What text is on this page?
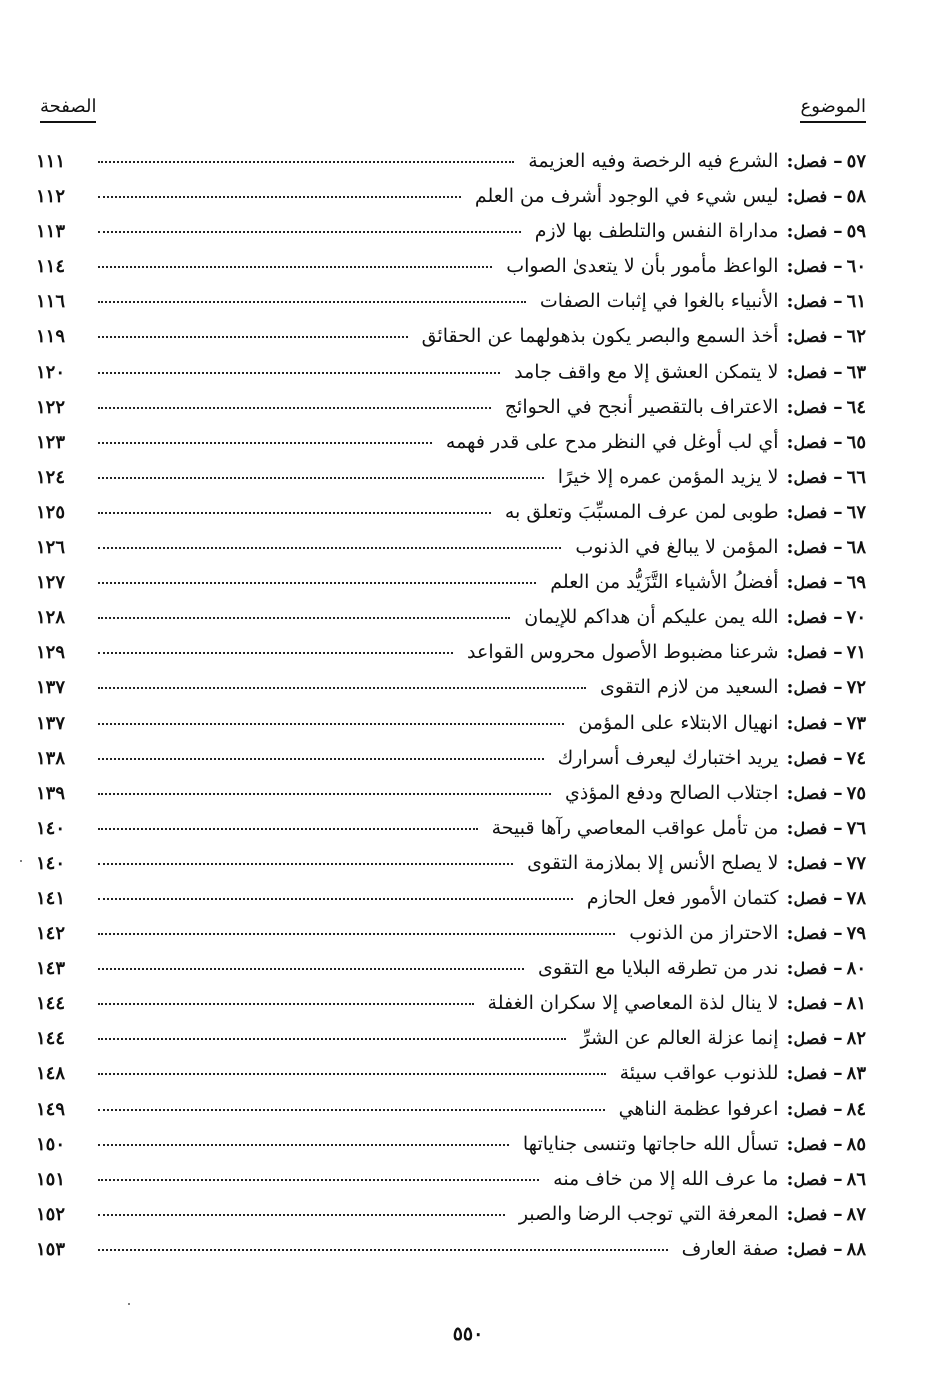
الموضوع
الصفحة
٥٧
–
فصل
:
الشرع فيه الرخصة وفيه العزيمة
١١١
٥٨
–
فصل
:
ليس شيء في الوجود أشرف من العلم
١١٢
٥٩
–
فصل
:
مداراة النفس والتلطف بها لازم
١١٣
٦٠
–
فصل
:
الواعظ مأمور بأن لا يتعدىٰ الصواب
١١٤
٦١
–
فصل
:
الأنبياء بالغوا في إثبات الصفات
١١٦
٦٢
–
فصل
:
أخذ السمع والبصر يكون بذهولهما عن الحقائق
١١٩
٦٣
–
فصل
:
لا يتمكن العشق إلا مع واقف جامد
١٢٠
٦٤
–
فصل
:
الاعتراف بالتقصير أنجح في الحوائج
١٢٢
٦٥
–
فصل
:
أي لب أوغل في النظر مدح على قدر فهمه
١٢٣
٦٦
–
فصل
:
لا يزيد المؤمن عمره إلا خيرًا
١٢٤
٦٧
–
فصل
:
طوبى لمن عرف المسبِّبَ وتعلق به
١٢٥
٦٨
–
فصل
:
المؤمن لا يبالغ في الذنوب
١٢٦
٦٩
–
فصل
:
أفضلُ الأشياء التَّزَيُّد من العلم
١٢٧
٧٠
–
فصل
:
الله يمن عليكم أن هداكم للإيمان
١٢٨
٧١
–
فصل
:
شرعنا مضبوط الأصول محروس القواعد
١٢٩
٧٢
–
فصل
:
السعيد من لازم التقوى
١٣٧
٧٣
–
فصل
:
انهيال الابتلاء على المؤمن
١٣٧
٧٤
–
فصل
:
يريد اختبارك ليعرف أسرارك
١٣٨
٧٥
–
فصل
:
اجتلاب الصالح ودفع المؤذي
١٣٩
٧٦
–
فصل
:
من تأمل عواقب المعاصي رآها قبيحة
١٤٠
٧٧
–
فصل
:
لا يصلح الأنس إلا بملازمة التقوى
١٤٠
٧٨
–
فصل
:
كتمان الأمور فعل الحازم
١٤١
٧٩
–
فصل
:
الاحتراز من الذنوب
١٤٢
٨٠
–
فصل
:
ندر من تطرقه البلايا مع التقوى
١٤٣
٨١
–
فصل
:
لا ينال لذة المعاصي إلا سكران الغفلة
١٤٤
٨٢
–
فصل
:
إنما عزلة العالم عن الشرِّ
١٤٤
٨٣
–
فصل
:
للذنوب عواقب سيئة
١٤٨
٨٤
–
فصل
:
اعرفوا عظمة الناهي
١٤٩
٨٥
–
فصل
:
تسأل الله حاجاتها وتنسى جناياتها
١٥٠
٨٦
–
فصل
:
ما عرف الله إلا من خاف منه
١٥١
٨٧
–
فصل
:
المعرفة التي توجب الرضا والصبر
١٥٢
٨٨
–
فصل
:
صفة العارف
١٥٣
٥٥٠
